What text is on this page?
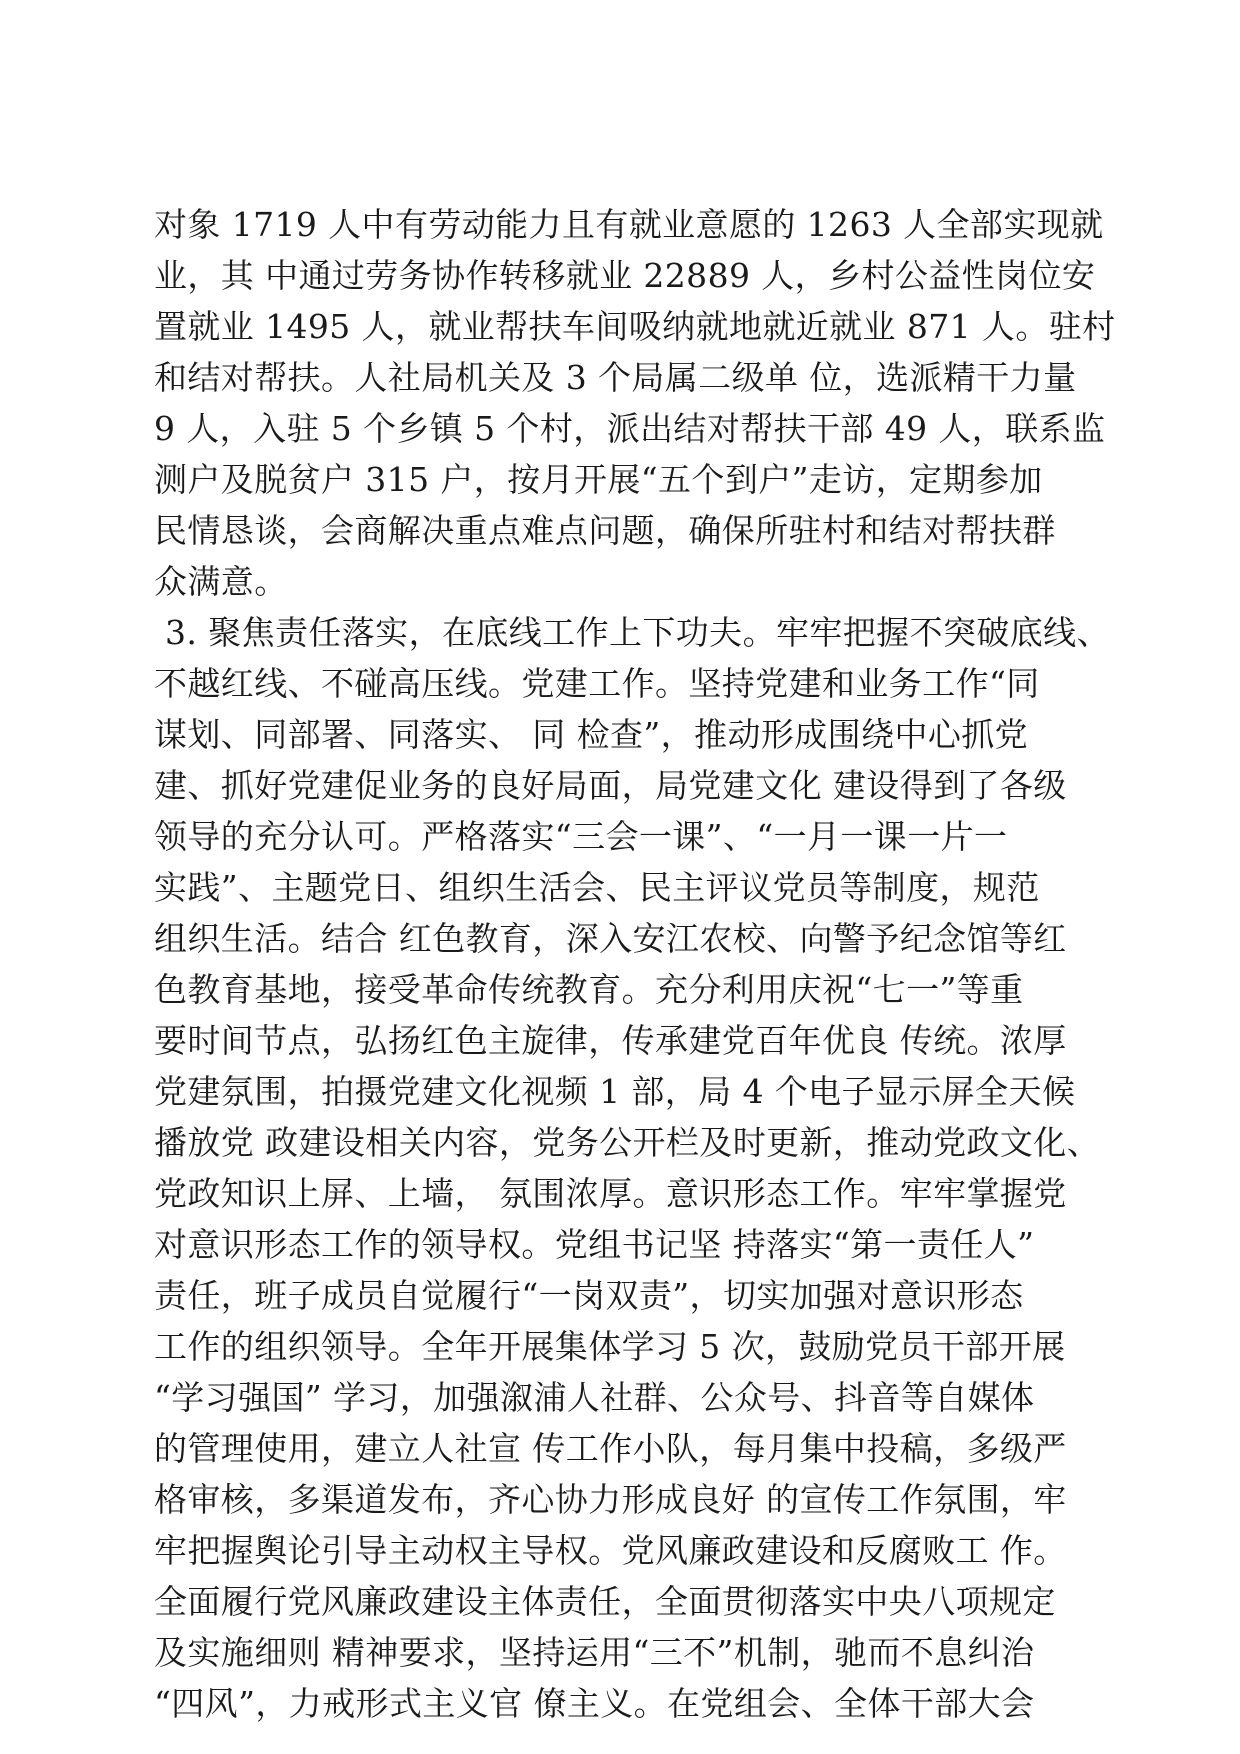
对象 1719 人中有劳动能力且有就业意愿的 1263 人全部实现就
业，其 中通过劳务协作转移就业 22889 人，乡村公益性岗位安
置就业 1495 人，就业帮扶车间吸纳就地就近就业 871 人。驻村
和结对帮扶。人社局机关及 3 个局属二级单 位，选派精干力量
9 人，入驻 5 个乡镇 5 个村，派出结对帮扶干部 49 人，联系监
测户及脱贫户 315 户，按月开展“五个到户”走访，定期参加
民情恳谈，会商解决重点难点问题，确保所驻村和结对帮扶群
众满意。
3. 聚焦责任落实，在底线工作上下功夫。牢牢把握不突破底线、
不越红线、不碰高压线。党建工作。坚持党建和业务工作“同
谋划、同部署、同落实、 同 检查”，推动形成围绕中心抓党
建、抓好党建促业务的良好局面，局党建文化 建设得到了各级
领导的充分认可。严格落实“三会一课”、“一月一课一片一
实践”、主题党日、组织生活会、民主评议党员等制度，规范
组织生活。结合 红色教育，深入安江农校、向警予纪念馆等红
色教育基地，接受革命传统教育。充分利用庆祝“七一”等重
要时间节点，弘扬红色主旋律，传承建党百年优良 传统。浓厚
党建氛围，拍摄党建文化视频 1 部，局 4 个电子显示屏全天候
播放党 政建设相关内容，党务公开栏及时更新，推动党政文化、
党政知识上屏、上墙， 氛围浓厚。意识形态工作。牢牢掌握党
对意识形态工作的领导权。党组书记坚 持落实“第一责任人”
责任，班子成员自觉履行“一岗双责”，切实加强对意识形态
工作的组织领导。全年开展集体学习 5 次，鼓励党员干部开展
“学习强国” 学习，加强溆浦人社群、公众号、抖音等自媒体
的管理使用，建立人社宣 传工作小队，每月集中投稿，多级严
格审核，多渠道发布，齐心协力形成良好 的宣传工作氛围，牢
牢把握舆论引导主动权主导权。党风廉政建设和反腐败工 作。
全面履行党风廉政建设主体责任，全面贯彻落实中央八项规定
及实施细则 精神要求，坚持运用“三不”机制，驰而不息纠治
“四风”，力戒形式主义官 僚主义。在党组会、全体干部大会
